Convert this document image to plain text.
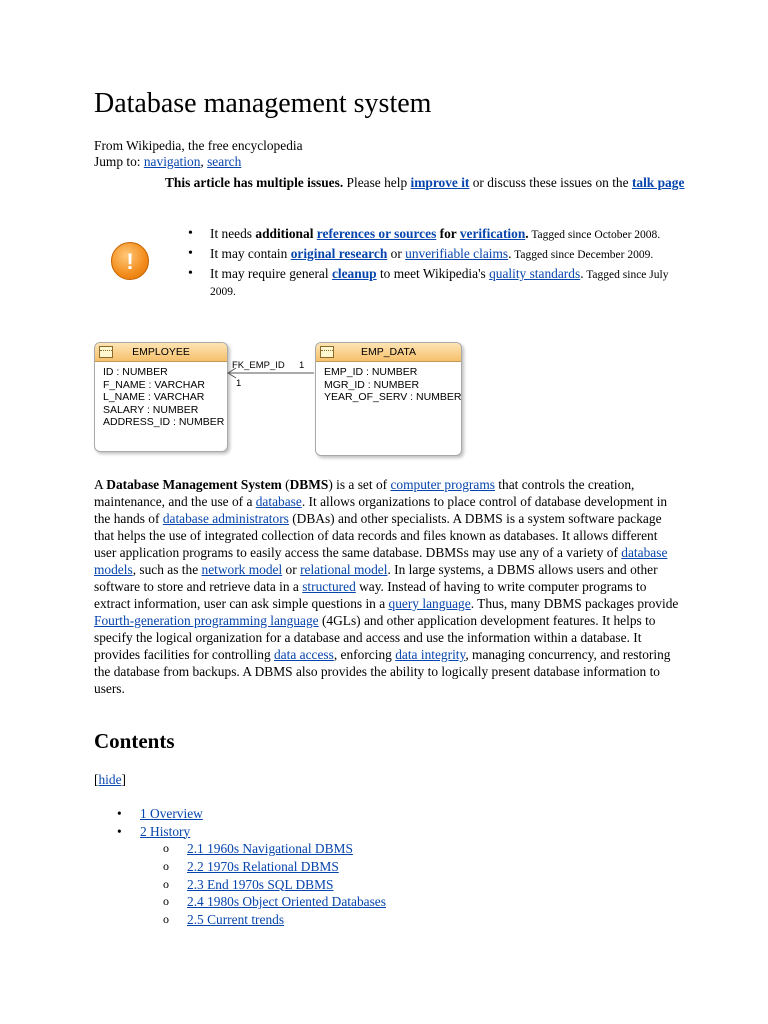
Database management system
From Wikipedia, the free encyclopedia
Jump to: navigation, search
!
This article has multiple issues. Please help improve it or discuss these issues on the talk page
• It needs additional references or sources for verification. Tagged since October 2008.
• It may contain original research or unverifiable claims. Tagged since December 2009.
• It may require general cleanup to meet Wikipedia's quality standards. Tagged since July 2009.
EMPLOYEE
ID : NUMBER
F_NAME : VARCHAR
L_NAME : VARCHAR
SALARY : NUMBER
ADDRESS_ID : NUMBER
FK_EMP_ID 1
1
EMP_DATA
EMP_ID : NUMBER
MGR_ID : NUMBER
YEAR_OF_SERV : NUMBER
A Database Management System (DBMS) is a set of computer programs that controls the creation, maintenance, and the use of a database. It allows organizations to place control of database development in the hands of database administrators (DBAs) and other specialists. A DBMS is a system software package that helps the use of integrated collection of data records and files known as databases. It allows different user application programs to easily access the same database. DBMSs may use any of a variety of database models, such as the network model or relational model. In large systems, a DBMS allows users and other software to store and retrieve data in a structured way. Instead of having to write computer programs to extract information, user can ask simple questions in a query language. Thus, many DBMS packages provide Fourth-generation programming language (4GLs) and other application development features. It helps to specify the logical organization for a database and access and use the information within a database. It provides facilities for controlling data access, enforcing data integrity, managing concurrency, and restoring the database from backups. A DBMS also provides the ability to logically present database information to users.
Contents
[hide]
• 1 Overview
• 2 History
o 2.1 1960s Navigational DBMS
o 2.2 1970s Relational DBMS
o 2.3 End 1970s SQL DBMS
o 2.4 1980s Object Oriented Databases
o 2.5 Current trends
